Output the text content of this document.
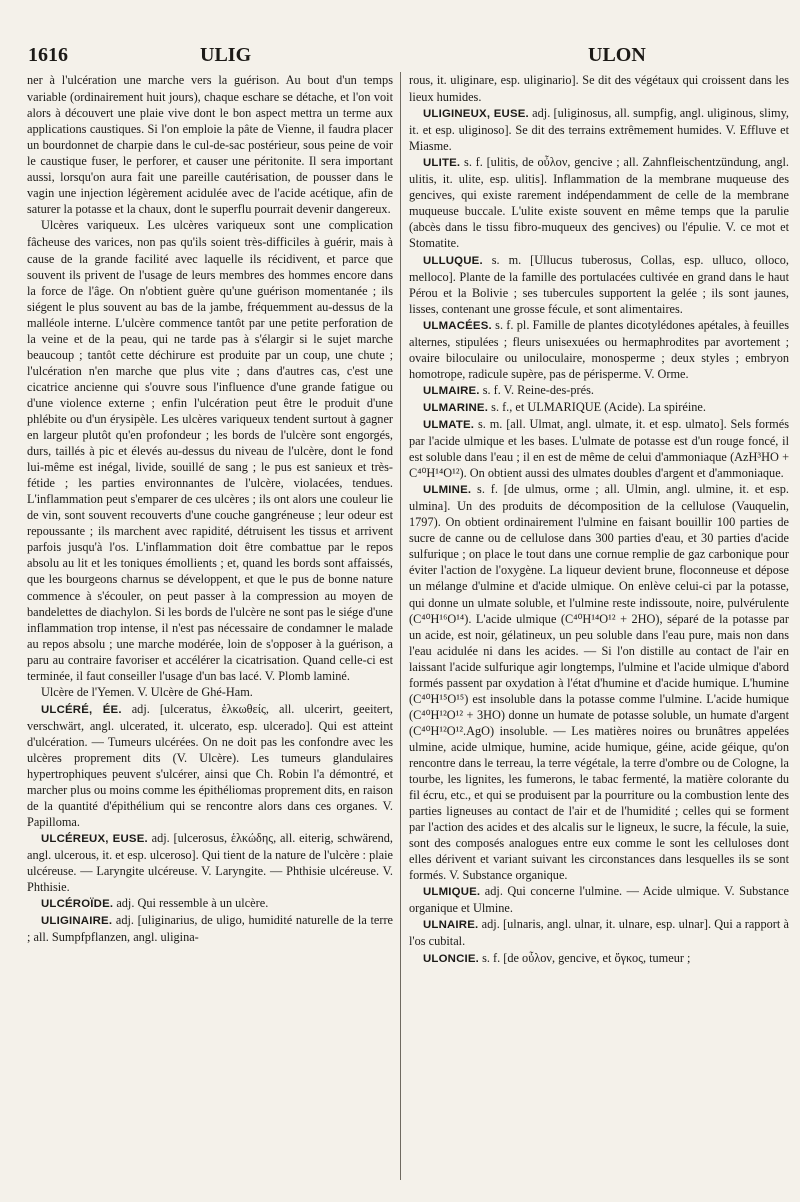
1616	ULIG	ULON

ner à l'ulcération une marche vers la guérison. Au bout d'un temps variable (ordinairement huit jours), chaque eschare se détache, et l'on voit alors à découvert une plaie vive dont le bon aspect mettra un terme aux applications caustiques. Si l'on emploie la pâte de Vienne, il faudra placer un bourdonnet de charpie dans le cul-de-sac postérieur, sous peine de voir le caustique fuser, le perforer, et causer une péritonite. Il sera important aussi, lorsqu'on aura fait une pareille cautérisation, de pousser dans le vagin une injection légèrement acidulée avec de l'acide acétique, afin de saturer la potasse et la chaux, dont le superflu pourrait devenir dangereux.

Ulcères variqueux. Les ulcères variqueux sont une complication fâcheuse des varices, non pas qu'ils soient très-difficiles à guérir, mais à cause de la grande facilité avec laquelle ils récidivent, et parce que souvent ils privent de l'usage de leurs membres des hommes encore dans la force de l'âge. On n'obtient guère qu'une guérison momentanée ; ils siégent le plus souvent au bas de la jambe, fréquemment au-dessus de la malléole interne. L'ulcère commence tantôt par une petite perforation de la veine et de la peau, qui ne tarde pas à s'élargir si le sujet marche beaucoup ; tantôt cette déchirure est produite par un coup, une chute ; l'ulcération n'en marche que plus vite ; dans d'autres cas, c'est une cicatrice ancienne qui s'ouvre sous l'influence d'une grande fatigue ou d'une violence externe ; enfin l'ulcération peut être le produit d'une phlébite ou d'un érysipèle. Les ulcères variqueux tendent surtout à gagner en largeur plutôt qu'en profondeur ; les bords de l'ulcère sont engorgés, durs, taillés à pic et élevés au-dessus du niveau de l'ulcère, dont le fond lui-même est inégal, livide, souillé de sang ; le pus est sanieux et très-fétide ; les parties environnantes de l'ulcère, violacées, tendues. L'inflammation peut s'emparer de ces ulcères ; ils ont alors une couleur lie de vin, sont souvent recouverts d'une couche gangréneuse ; leur odeur est repoussante ; ils marchent avec rapidité, détruisent les tissus et arrivent parfois jusqu'à l'os. L'inflammation doit être combattue par le repos absolu au lit et les toniques émollients ; et, quand les bords sont affaissés, que les bourgeons charnus se développent, et que le pus de bonne nature commence à s'écouler, on peut passer à la compression au moyen de bandelettes de diachylon. Si les bords de l'ulcère ne sont pas le siége d'une inflammation trop intense, il n'est pas nécessaire de condamner le malade au repos absolu ; une marche modérée, loin de s'opposer à la guérison, a paru au contraire favoriser et accélérer la cicatrisation. Quand celle-ci est terminée, il faut conseiller l'usage d'un bas lacé. V. Plomb laminé.

Ulcère de l'Yemen. V. Ulcère de Ghé-Ham.

ULCÉRÉ, ÉE. adj. [ulceratus, ἑλκωθείς, all. ulcerirt, geeitert, verschwärt, angl. ulcerated, it. ulcerato, esp. ulcerado]. Qui est atteint d'ulcération. — Tumeurs ulcérées. On ne doit pas les confondre avec les ulcères proprement dits (V. Ulcère). Les tumeurs glandulaires hypertrophiques peuvent s'ulcérer, ainsi que Ch. Robin l'a démontré, et marcher plus ou moins comme les épithéliomas proprement dits, en raison de la quantité d'épithélium qui se rencontre alors dans ces organes. V. Papilloma.

ULCÉREUX, EUSE. adj. [ulcerosus, ἑλκώδης, all. eiterig, schwärend, angl. ulcerous, it. et esp. ulceroso]. Qui tient de la nature de l'ulcère : plaie ulcéreuse. — Laryngite ulcéreuse. V. Laryngite. — Phthisie ulcéreuse. V. Phthisie.

ULCÉROÏDE. adj. Qui ressemble à un ulcère.

ULIGINAIRE. adj. [uliginarius, de uligo, humidité naturelle de la terre ; all. Sumpfpflanzen, angl. uligina-

rous, it. uliginare, esp. uliginario]. Se dit des végétaux qui croissent dans les lieux humides.

ULIGINEUX, EUSE. adj. [uliginosus, all. sumpfig, angl. uliginous, slimy, it. et esp. uliginoso]. Se dit des terrains extrêmement humides. V. Effluve et Miasme.

ULITE. s. f. [ulitis, de οὖλον, gencive ; all. Zahnfleischentzündung, angl. ulitis, it. ulite, esp. ulitis]. Inflammation de la membrane muqueuse des gencives, qui existe rarement indépendamment de celle de la membrane muqueuse buccale. L'ulite existe souvent en même temps que la parulie (abcès dans le tissu fibro-muqueux des gencives) ou l'épulie. V. ce mot et Stomatite.

ULLUQUE. s. m. [Ullucus tuberosus, Collas, esp. ulluco, olloco, melloco]. Plante de la famille des portulacées cultivée en grand dans le haut Pérou et la Bolivie ; ses tubercules supportent la gelée ; ils sont jaunes, lisses, contenant une grosse fécule, et sont alimentaires.

ULMACÉES. s. f. pl. Famille de plantes dicotylédones apétales, à feuilles alternes, stipulées ; fleurs unisexuées ou hermaphrodites par avortement ; ovaire biloculaire ou uniloculaire, monosperme ; deux styles ; embryon homotrope, radicule supère, pas de périsperme. V. Orme.

ULMAIRE. s. f. V. Reine-des-prés.

ULMARINE. s. f., et ULMARIQUE (Acide). La spiréine.

ULMATE. s. m. [all. Ulmat, angl. ulmate, it. et esp. ulmato]. Sels formés par l'acide ulmique et les bases. L'ulmate de potasse est d'un rouge foncé, il est soluble dans l'eau ; il en est de même de celui d'ammoniaque (AzH³HO + C⁴⁰H¹⁴O¹²). On obtient aussi des ulmates doubles d'argent et d'ammoniaque.

ULMINE. s. f. [de ulmus, orme ; all. Ulmin, angl. ulmine, it. et esp. ulmina]. Un des produits de décomposition de la cellulose (Vauquelin, 1797). On obtient ordinairement l'ulmine en faisant bouillir 100 parties de sucre de canne ou de cellulose dans 300 parties d'eau, et 30 parties d'acide sulfurique ; on place le tout dans une cornue remplie de gaz carbonique pour éviter l'action de l'oxygène. La liqueur devient brune, floconneuse et dépose un mélange d'ulmine et d'acide ulmique. On enlève celui-ci par la potasse, qui donne un ulmate soluble, et l'ulmine reste indissoute, noire, pulvérulente (C⁴⁰H¹⁶O¹⁴). L'acide ulmique (C⁴⁰H¹⁴O¹² + 2HO), séparé de la potasse par un acide, est noir, gélatineux, un peu soluble dans l'eau pure, mais non dans l'eau acidulée ni dans les acides. — Si l'on distille au contact de l'air en laissant l'acide sulfurique agir longtemps, l'ulmine et l'acide ulmique d'abord formés passent par oxydation à l'état d'humine et d'acide humique. L'humine (C⁴⁰H¹⁵O¹⁵) est insoluble dans la potasse comme l'ulmine. L'acide humique (C⁴⁰H¹²O¹² + 3HO) donne un humate de potasse soluble, un humate d'argent (C⁴⁰H¹²O¹².AgO) insoluble. — Les matières noires ou brunâtres appelées ulmine, acide ulmique, humine, acide humique, géine, acide géique, qu'on rencontre dans le terreau, la terre végétale, la terre d'ombre ou de Cologne, la tourbe, les lignites, les fumerons, le tabac fermenté, la matière colorante du fil écru, etc., et qui se produisent par la pourriture ou la combustion lente des parties ligneuses au contact de l'air et de l'humidité ; celles qui se forment par l'action des acides et des alcalis sur le ligneux, le sucre, la fécule, la suie, sont des composés analogues entre eux comme le sont les celluloses dont elles dérivent et variant suivant les circonstances dans lesquelles ils se sont formés. V. Substance organique.

ULMIQUE. adj. Qui concerne l'ulmine. — Acide ulmique. V. Substance organique et Ulmine.

ULNAIRE. adj. [ulnaris, angl. ulnar, it. ulnare, esp. ulnar]. Qui a rapport à l'os cubital.

ULONCIE. s. f. [de οὖλον, gencive, et ὄγκος, tumeur ;
